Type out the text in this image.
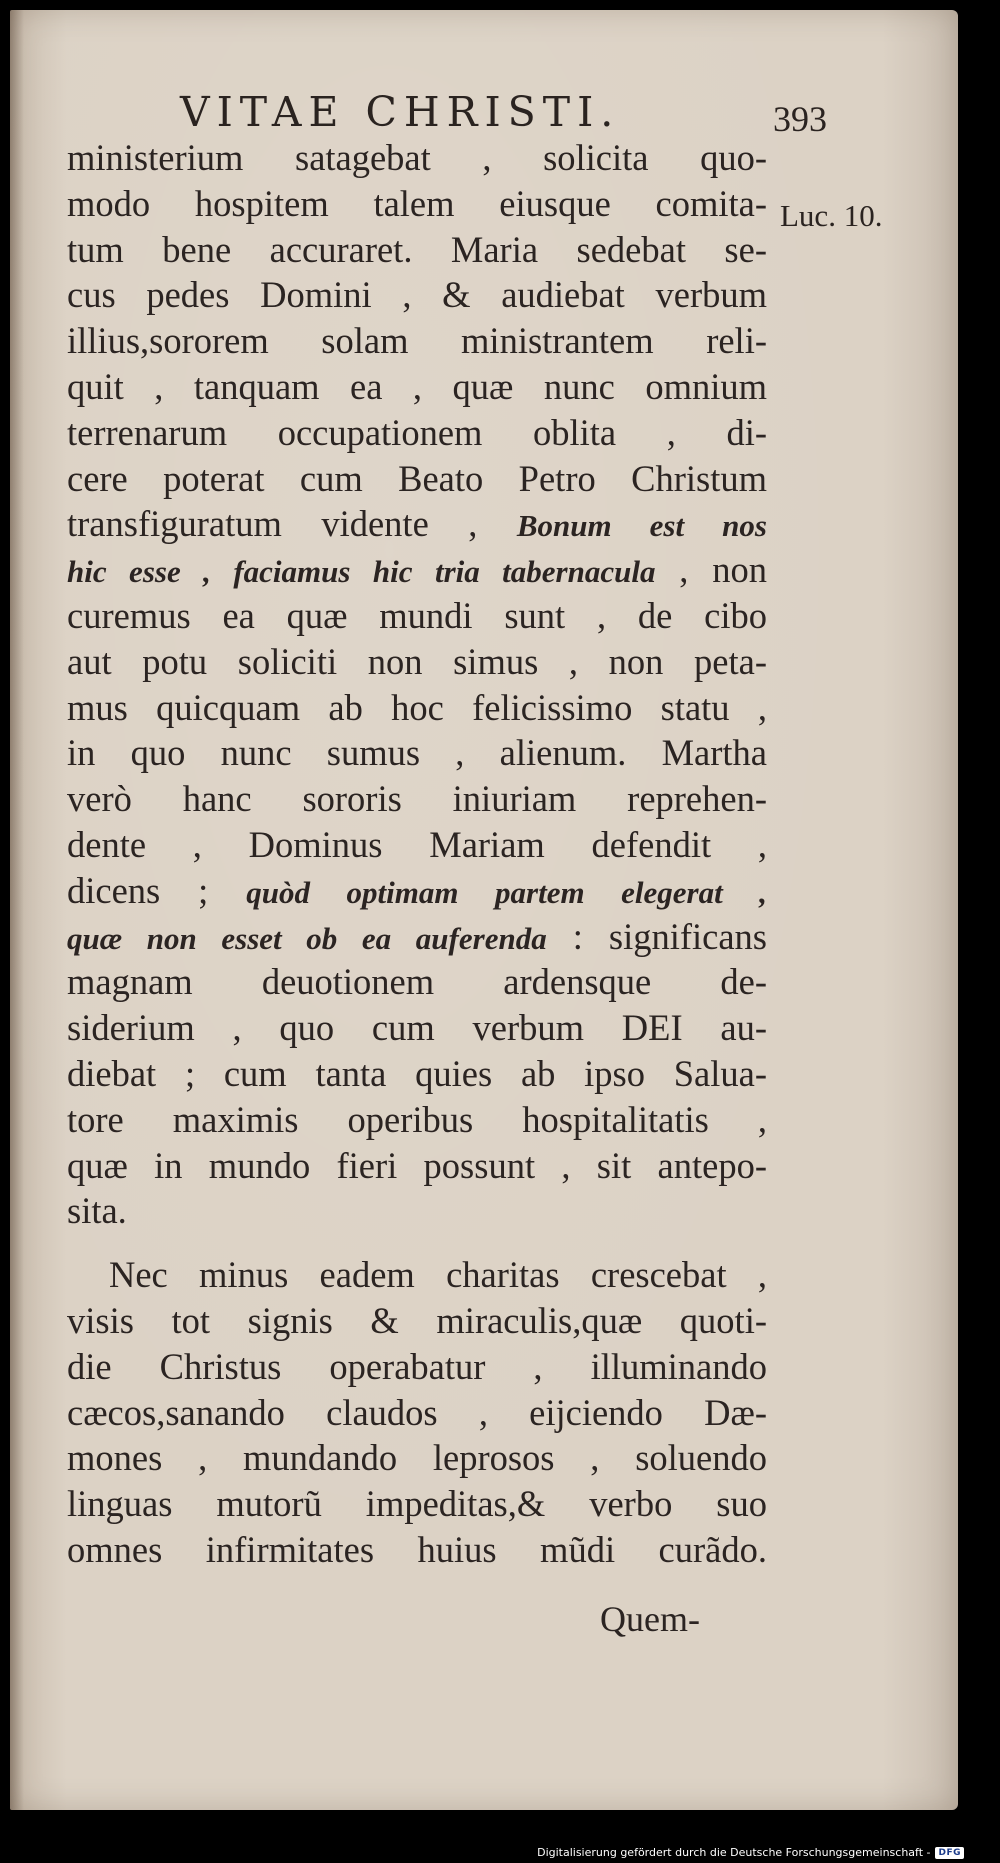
VITAE CHRISTI.	393
Luc. 10.
ministerium satagebat , solicita quo-
modo hospitem talem eiusque comita-
tum bene accuraret. Maria sedebat se-
cus pedes Domini , & audiebat verbum
illius,sororem solam ministrantem reli-
quit , tanquam ea , quæ nunc omnium
terrenarum occupationem oblita , di-
cere poterat cum Beato Petro Christum
transfiguratum vidente , Bonum est nos
hic esse , faciamus hic tria tabernacula , non
curemus ea quæ mundi sunt , de cibo
aut potu soliciti non simus , non peta-
mus quicquam ab hoc felicissimo statu ,
in quo nunc sumus , alienum. Martha
verò hanc sororis iniuriam reprehen-
dente , Dominus Mariam defendit ,
dicens ; quòd optimam partem elegerat ,
quæ non esset ob ea auferenda : significans
magnam deuotionem ardensque de-
siderium , quo cum verbum DEI au-
diebat ; cum tanta quies ab ipso Salua-
tore maximis operibus hospitalitatis ,
quæ in mundo fieri possunt , sit antepo-
sita.
Nec minus eadem charitas crescebat ,
visis tot signis & miraculis,quæ quoti-
die Christus operabatur , illuminando
cæcos,sanando claudos , eijciendo Dæ-
mones , mundando leprosos , soluendo
linguas mutorũ impeditas,& verbo suo
omnes infirmitates huius mũdi curãdo.
Quem-
Digitalisierung gefördert durch die Deutsche Forschungsgemeinschaft - DFG
